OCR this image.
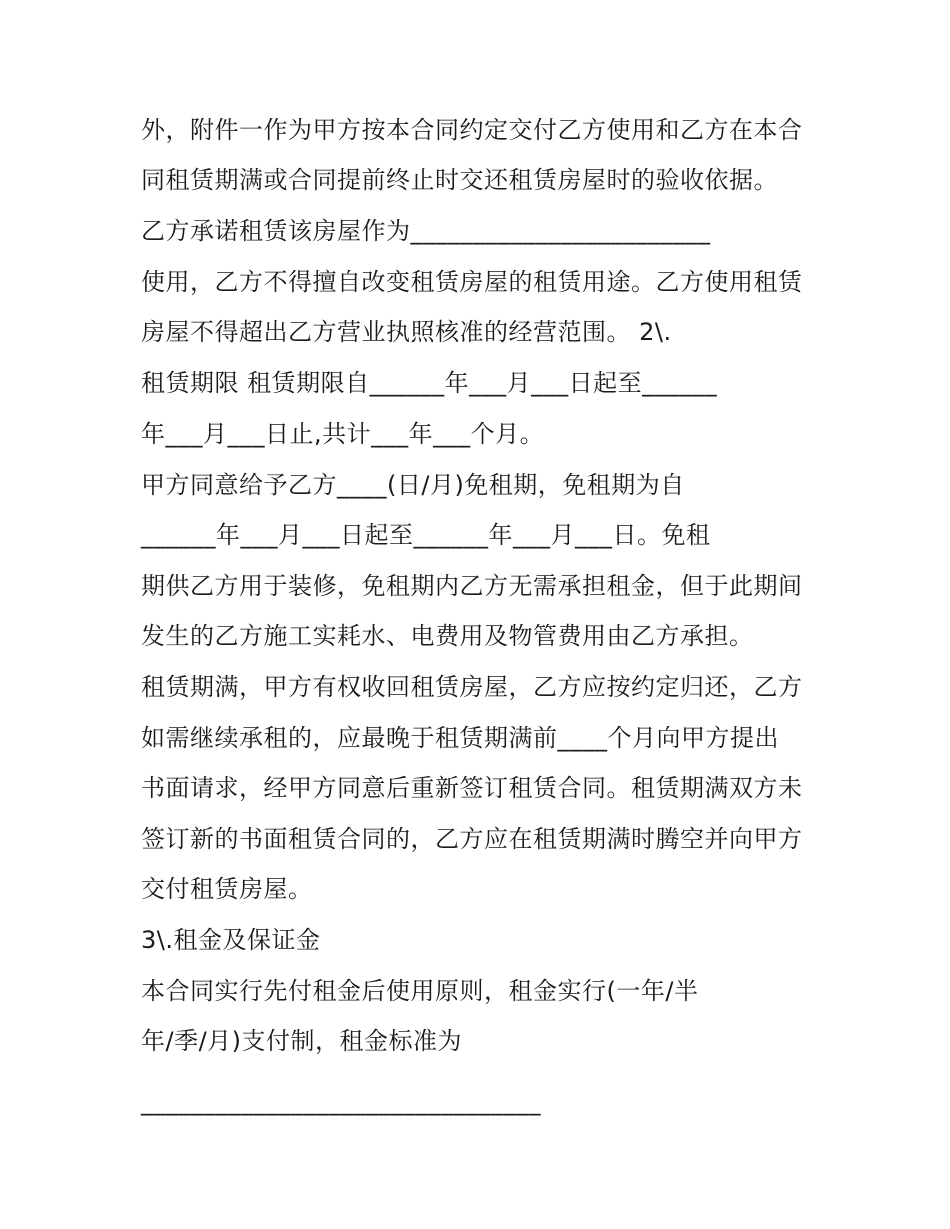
外，附件一作为甲方按本合同约定交付乙方使用和乙方在本合
同租赁期满或合同提前终止时交还租赁房屋时的验收依据。
乙方承诺租赁该房屋作为________________________
使用，乙方不得擅自改变租赁房屋的租赁用途。乙方使用租赁
房屋不得超出乙方营业执照核准的经营范围。 2\.
租赁期限 租赁期限自______年___月___日起至______
年___月___日止,共计___年___个月。
甲方同意给予乙方____(日/月)免租期，免租期为自
______年___月___日起至______年___月___日。免租
期供乙方用于装修，免租期内乙方无需承担租金，但于此期间
发生的乙方施工实耗水、电费用及物管费用由乙方承担。
租赁期满，甲方有权收回租赁房屋，乙方应按约定归还，乙方
如需继续承租的，应最晚于租赁期满前____个月向甲方提出
书面请求，经甲方同意后重新签订租赁合同。租赁期满双方未
签订新的书面租赁合同的，乙方应在租赁期满时腾空并向甲方
交付租赁房屋。
3\.租金及保证金
本合同实行先付租金后使用原则，租金实行(一年/半
年/季/月)支付制，租金标准为
________________________________
